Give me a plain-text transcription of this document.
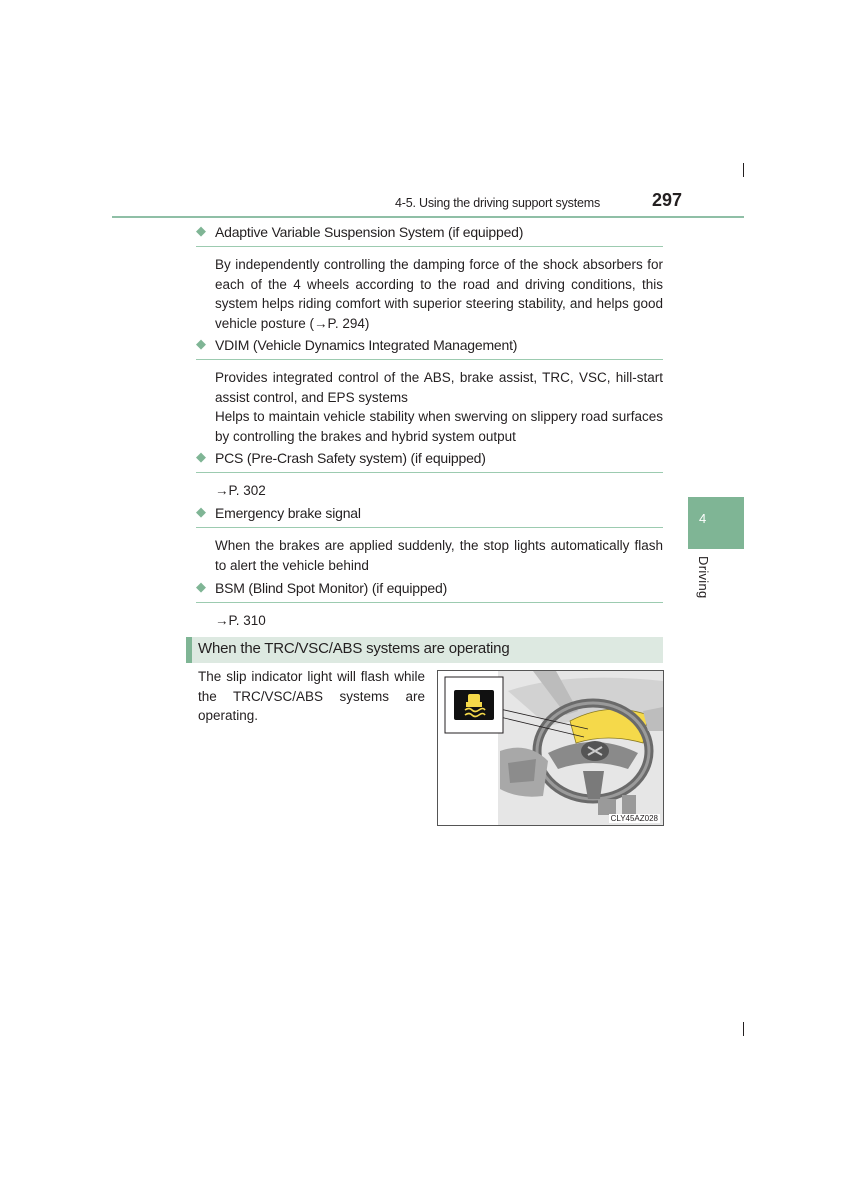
4-5. Using the driving support systems	297
4
Driving
◆ Adaptive Variable Suspension System (if equipped)

By independently controlling the damping force of the shock absorbers for each of the 4 wheels according to the road and driving conditions, this system helps riding comfort with superior steering stability, and helps good vehicle posture (→P. 294)

◆ VDIM (Vehicle Dynamics Integrated Management)

Provides integrated control of the ABS, brake assist, TRC, VSC, hill-start assist control, and EPS systems

Helps to maintain vehicle stability when swerving on slippery road surfaces by controlling the brakes and hybrid system output

◆ PCS (Pre-Crash Safety system) (if equipped)

→P. 302

◆ Emergency brake signal

When the brakes are applied suddenly, the stop lights automatically flash to alert the vehicle behind

◆ BSM (Blind Spot Monitor) (if equipped)

→P. 310

When the TRC/VSC/ABS systems are operating
The slip indicator light will flash while the TRC/VSC/ABS systems are operating.
CLY45AZ028
